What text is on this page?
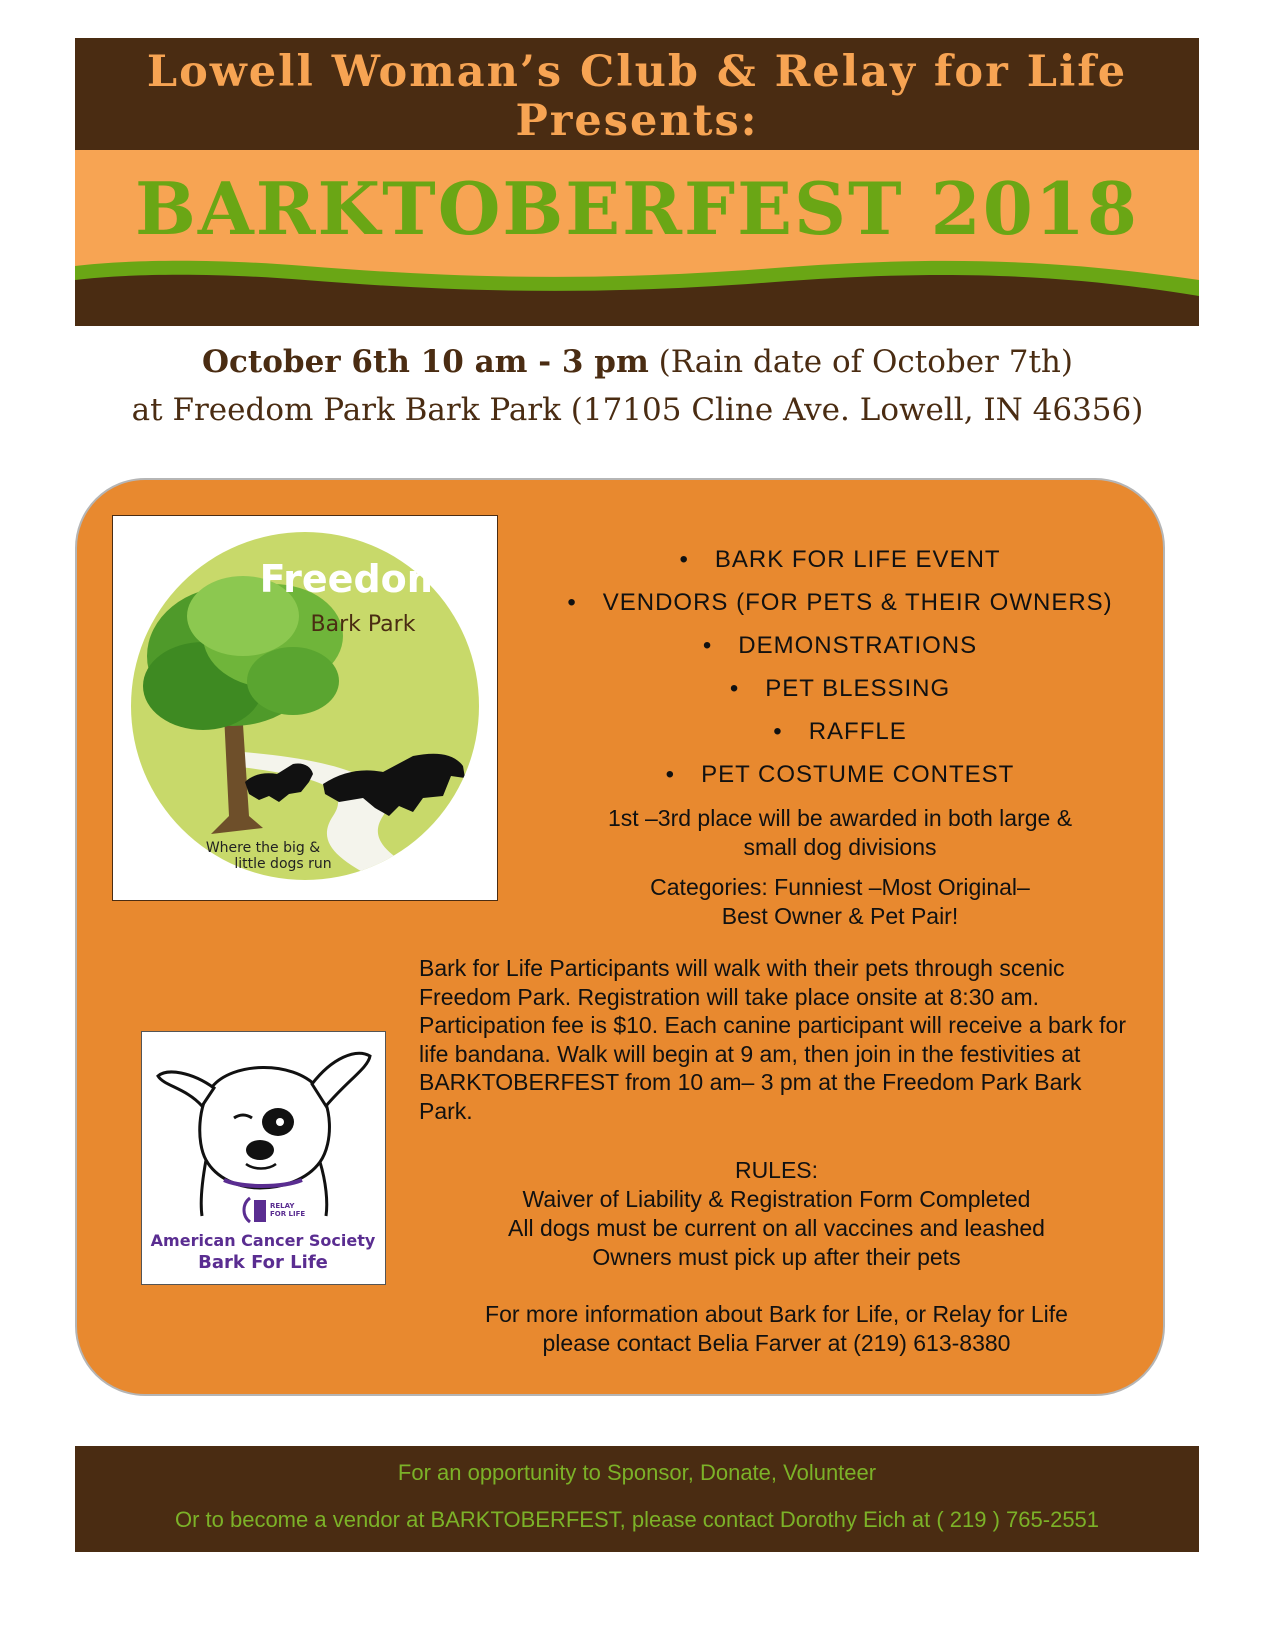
Lowell Woman’s Club & Relay for Life
Presents:
BARKTOBERFEST 2018
October 6th 10 am - 3 pm (Rain date of October 7th)
at Freedom Park Bark Park (17105 Cline Ave. Lowell, IN 46356)
Freedom
Bark Park
Where the big &
little dogs run
• BARK FOR LIFE EVENT
• VENDORS (FOR PETS & THEIR OWNERS)
• DEMONSTRATIONS
• PET BLESSING
• RAFFLE
• PET COSTUME CONTEST
1st –3rd place will be awarded in both large &
small dog divisions
Categories: Funniest –Most Original–
Best Owner & Pet Pair!
RELAY
FOR LIFE
American Cancer Society
Bark For Life
Bark for Life Participants will walk with their pets through scenic Freedom Park. Registration will take place onsite at 8:30 am. Participation fee is $10. Each canine participant will receive a bark for life bandana. Walk will begin at 9 am, then join in the festivities at BARKTOBERFEST from 10 am– 3 pm at the Freedom Park Bark Park.
RULES:
Waiver of Liability & Registration Form Completed
All dogs must be current on all vaccines and leashed
Owners must pick up after their pets
For more information about Bark for Life, or Relay for Life
please contact Belia Farver at (219) 613-8380
For an opportunity to Sponsor, Donate, Volunteer
Or to become a vendor at BARKTOBERFEST, please contact Dorothy Eich at ( 219 ) 765-2551
